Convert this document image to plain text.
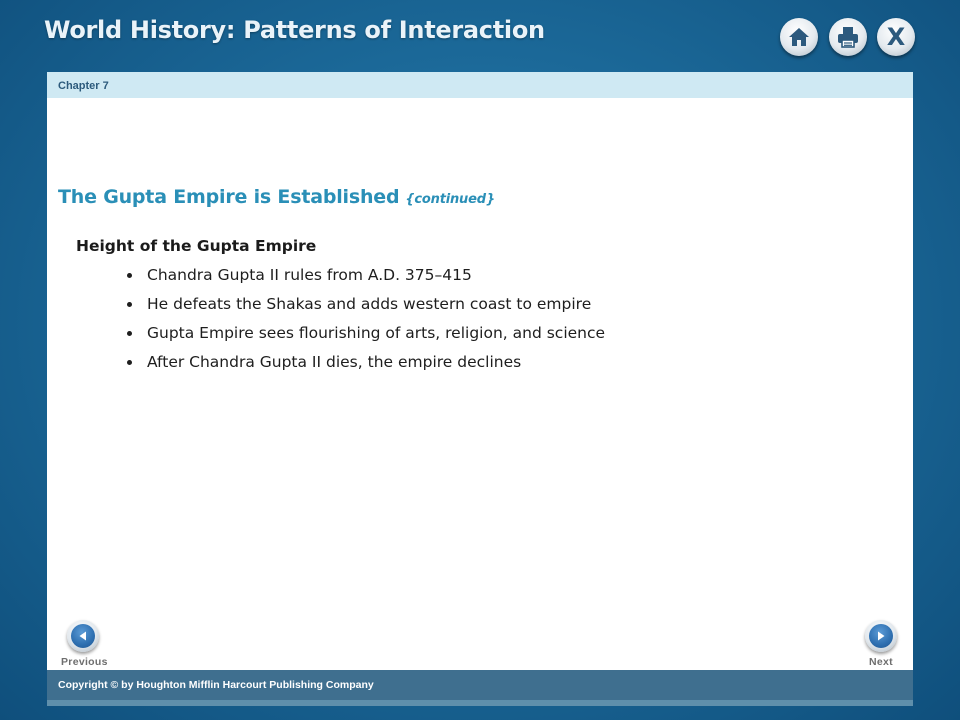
World History: Patterns of Interaction	X
Chapter 7
The Gupta Empire is Established {continued}
Height of the Gupta Empire
Chandra Gupta II rules from A.D. 375–415
He defeats the Shakas and adds western coast to empire
Gupta Empire sees flourishing of arts, religion, and science
After Chandra Gupta II dies, the empire declines
Previous	Next
Copyright © by Houghton Mifflin Harcourt Publishing Company
